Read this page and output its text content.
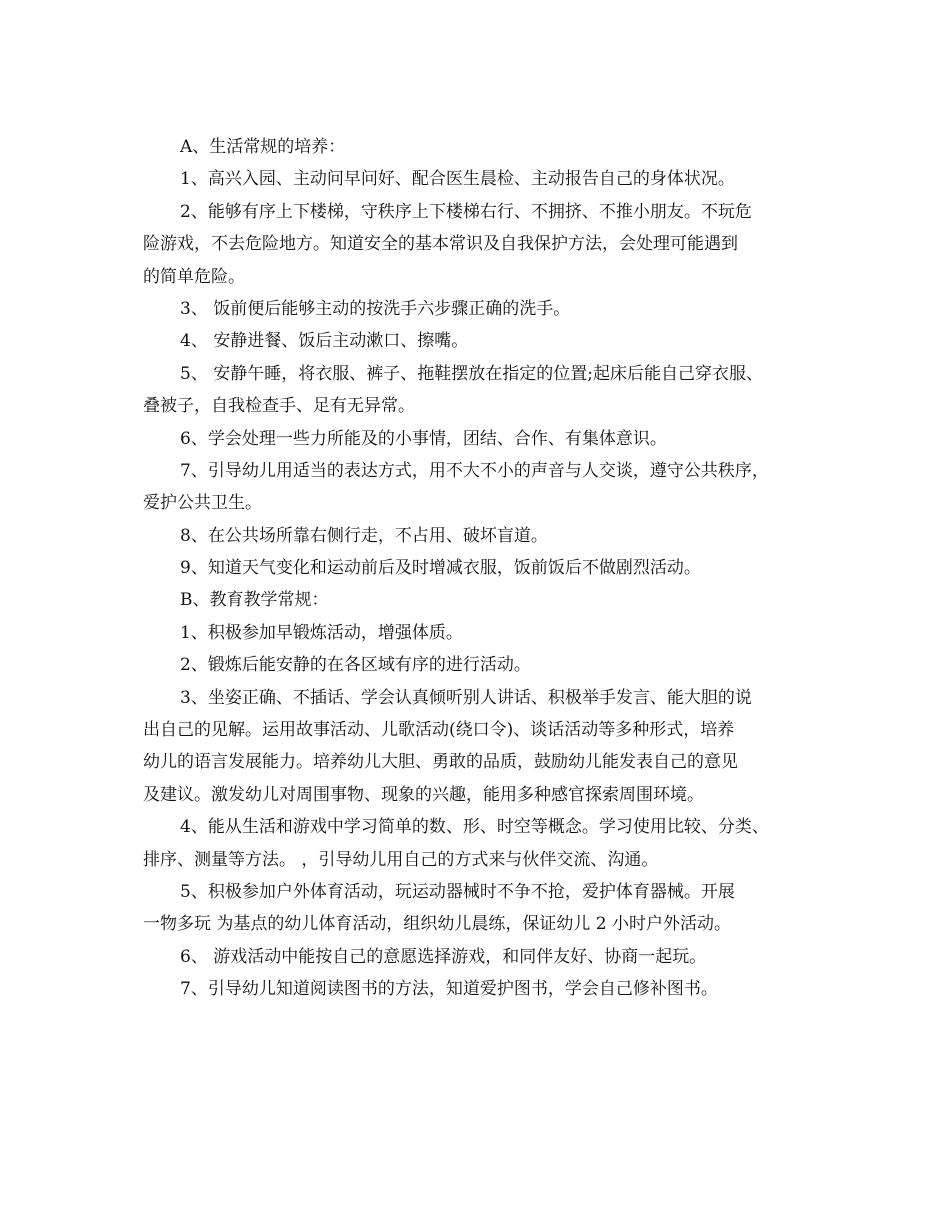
A、生活常规的培养：
1、高兴入园、主动问早问好、配合医生晨检、主动报告自己的身体状况。
2、能够有序上下楼梯，守秩序上下楼梯右行、不拥挤、不推小朋友。不玩危
险游戏，不去危险地方。知道安全的基本常识及自我保护方法，会处理可能遇到
的简单危险。
3、 饭前便后能够主动的按洗手六步骤正确的洗手。
4、 安静进餐、饭后主动漱口、擦嘴。
5、 安静午睡，将衣服、裤子、拖鞋摆放在指定的位置;起床后能自己穿衣服、
叠被子，自我检查手、足有无异常。
6、学会处理一些力所能及的小事情，团结、合作、有集体意识。
7、引导幼儿用适当的表达方式，用不大不小的声音与人交谈，遵守公共秩序，
爱护公共卫生。
8、在公共场所靠右侧行走，不占用、破坏盲道。
9、知道天气变化和运动前后及时增减衣服，饭前饭后不做剧烈活动。
B、教育教学常规：
1、积极参加早锻炼活动，增强体质。
2、锻炼后能安静的在各区域有序的进行活动。
3、坐姿正确、不插话、学会认真倾听别人讲话、积极举手发言、能大胆的说
出自己的见解。运用故事活动、儿歌活动(绕口令)、谈话活动等多种形式，培养
幼儿的语言发展能力。培养幼儿大胆、勇敢的品质，鼓励幼儿能发表自己的意见
及建议。激发幼儿对周围事物、现象的兴趣，能用多种感官探索周围环境。
4、能从生活和游戏中学习简单的数、形、时空等概念。学习使用比较、分类、
排序、测量等方法。 ，引导幼儿用自己的方式来与伙伴交流、沟通。
5、积极参加户外体育活动，玩运动器械时不争不抢，爱护体育器械。开展
一物多玩 为基点的幼儿体育活动，组织幼儿晨练，保证幼儿 2 小时户外活动。
6、 游戏活动中能按自己的意愿选择游戏，和同伴友好、协商一起玩。
7、引导幼儿知道阅读图书的方法，知道爱护图书，学会自己修补图书。
